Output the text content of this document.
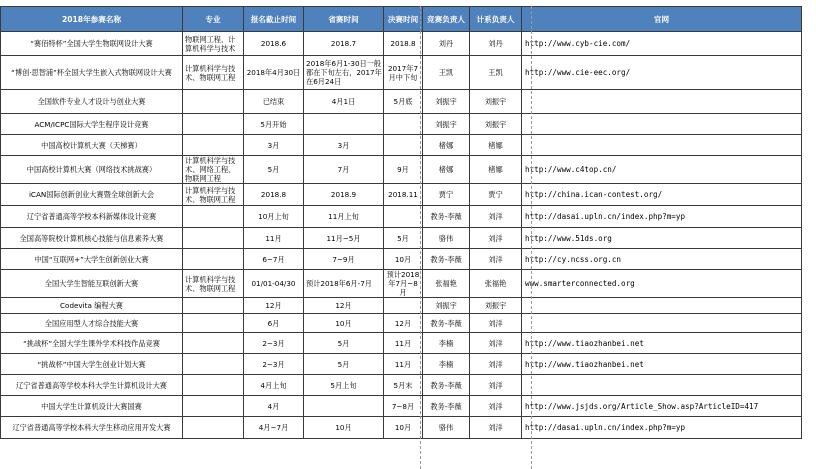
2018年参赛名称	专业	报名截止时间	省赛时间	决赛时间	竞赛负责人	计系负责人	官网
“赛佰特杯”全国大学生物联网设计大赛	物联网工程、计算机科学与技术	2018.6	2018.7	2018.8	刘丹	刘丹	http://www.cyb-cie.com/
“博创·思智浦”杯全国大学生嵌入式物联网设计大赛	计算机科学与技术、物联网工程	2018年4月30日	2018年6月1-30日一般都在下旬左右，2017年在6月24日	2017年7月中下旬	王凯	王凯	http://www.cie-eec.org/
全国软件专业人才设计与创业大赛		已结束	4月1日	5月底	刘振宇	刘振宇	
ACM/ICPC国际大学生程序设计竞赛		5月开始			刘振宇	刘振宇	
中国高校计算机大赛（天梯赛）		3月	3月		楮娜	楮娜	
中国高校计算机大赛（网络技术挑战赛）	计算机科学与技术、网络工程、物联网工程	5月	7月	9月	楮娜	楮娜	http://www.c4top.cn/
iCAN国际创新创业大赛暨全球创新大会	计算机科学与技术、物联网工程	2018.8	2018.9	2018.11	贾宁	贾宁	http://china.ican-contest.org/
辽宁省普通高等学校本科新媒体设计竞赛		10月上旬	11月上旬		教务-李薇	刘洋	http://dasai.upln.cn/index.php?m=yp
全国高等院校计算机核心技能与信息素养大赛		11月	11月~5月	5月	骆伟	刘洋	http://www.51ds.org
中国“互联网+”大学生创新创业大赛		6~7月	7~9月	10月	教务-李薇	刘洋	http://cy.ncss.org.cn
全国大学生智能互联创新大赛	计算机科学与技术、物联网工程	01/01-04/30	预计2018年6月-7月	预计2018年7月~8月	张福艳	张福艳	www.smarterconnected.org
Codevita 编程大赛		12月	12月		刘振宇	刘振宇	
全国应用型人才综合技能大赛		6月	10月	12月	教务-李薇	刘洋	
“挑战杯”全国大学生课外学术科技作品竞赛		2~3月	5月	11月	李楠	刘洋	http://www.tiaozhanbei.net
“挑战杯”中国大学生创业计划大赛		2~3月	5月	11月	李楠	刘洋	http://www.tiaozhanbei.net
辽宁省普通高等学校本科大学生计算机设计大赛		4月上旬	5月上旬	5月末	教务-李薇	刘洋	
中国大学生计算机设计大赛国赛		4月		7~8月	教务-李薇	刘洋	http://www.jsjds.org/Article_Show.asp?ArticleID=417
辽宁省普通高等学校本科大学生移动应用开发大赛		4月~7月	10月	10月	骆伟	刘洋	http://dasai.upln.cn/index.php?m=yp
